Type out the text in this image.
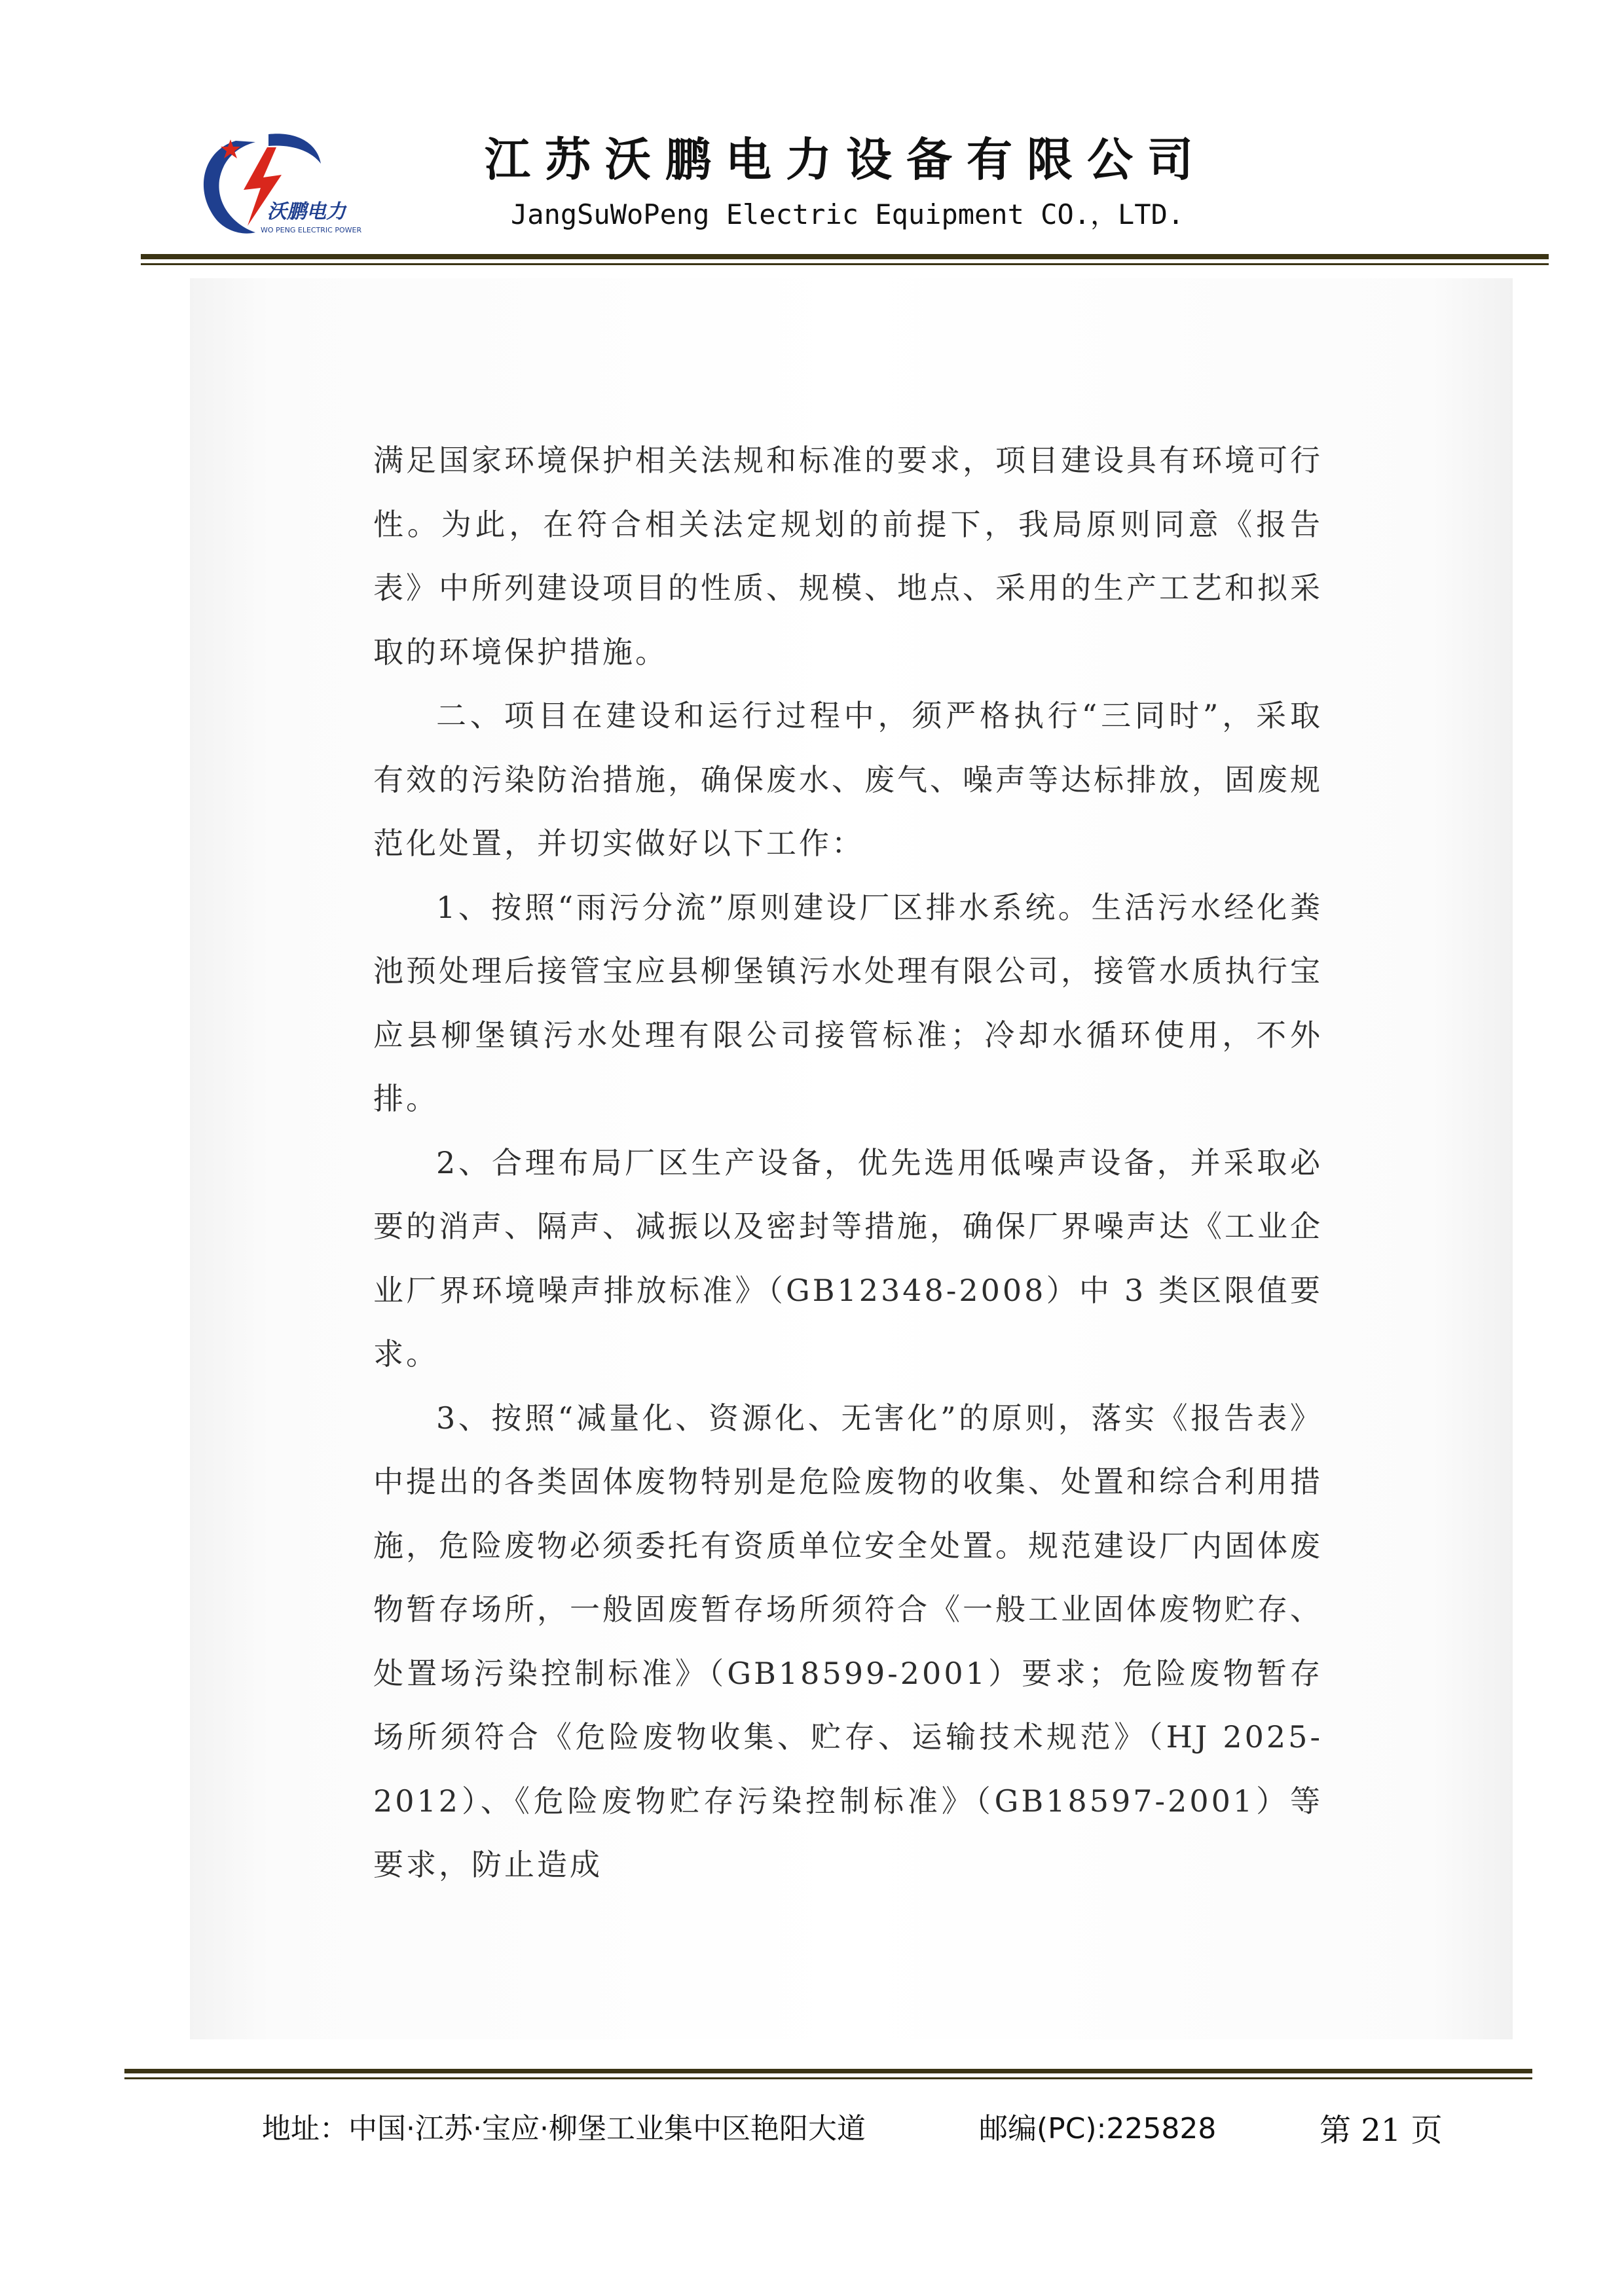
沃鹏电力
WO PENG ELECTRIC POWER
江苏沃鹏电力设备有限公司
JangSuWoPeng Electric Equipment CO.，LTD.

满足国家环境保护相关法规和标准的要求，项目建设具有环境可行性。为此，在符合相关法定规划的前提下，我局原则同意《报告表》中所列建设项目的性质、规模、地点、采用的生产工艺和拟采取的环境保护措施。

二、项目在建设和运行过程中，须严格执行“三同时”，采取有效的污染防治措施，确保废水、废气、噪声等达标排放，固废规范化处置，并切实做好以下工作：

1、按照“雨污分流”原则建设厂区排水系统。生活污水经化粪池预处理后接管宝应县柳堡镇污水处理有限公司，接管水质执行宝应县柳堡镇污水处理有限公司接管标准；冷却水循环使用，不外排。

2、合理布局厂区生产设备，优先选用低噪声设备，并采取必要的消声、隔声、减振以及密封等措施，确保厂界噪声达《工业企业厂界环境噪声排放标准》（GB12348-2008）中 3 类区限值要求。

3、按照“减量化、资源化、无害化”的原则，落实《报告表》中提出的各类固体废物特别是危险废物的收集、处置和综合利用措施，危险废物必须委托有资质单位安全处置。规范建设厂内固体废物暂存场所，一般固废暂存场所须符合《一般工业固体废物贮存、处置场污染控制标准》（GB18599-2001）要求；危险废物暂存场所须符合《危险废物收集、贮存、运输技术规范》（HJ 2025-2012）、《危险废物贮存污染控制标准》（GB18597-2001）等要求，防止造成

地址：中国·江苏·宝应·柳堡工业集中区艳阳大道	邮编(PC):225828	第 21 页
